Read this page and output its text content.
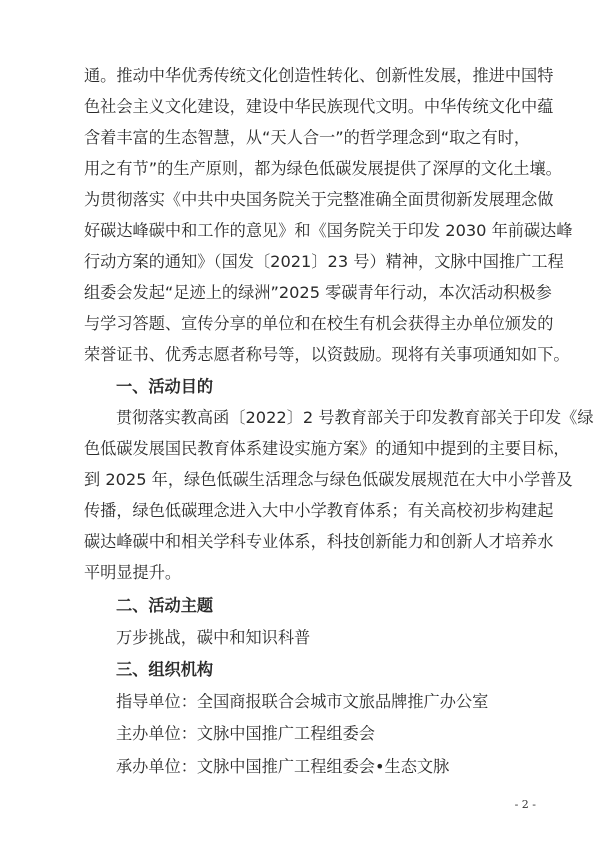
通。推动中华优秀传统文化创造性转化、创新性发展，推进中国特
色社会主义文化建设，建设中华民族现代文明。中华传统文化中蕴
含着丰富的生态智慧，从“天人合一”的哲学理念到“取之有时，
用之有节”的生产原则，都为绿色低碳发展提供了深厚的文化土壤。
为贯彻落实《中共中央国务院关于完整准确全面贯彻新发展理念做
好碳达峰碳中和工作的意见》和《国务院关于印发 2030 年前碳达峰
行动方案的通知》（国发〔2021〕23 号）精神，文脉中国推广工程
组委会发起“足迹上的绿洲”2025 零碳青年行动，本次活动积极参
与学习答题、宣传分享的单位和在校生有机会获得主办单位颁发的
荣誉证书、优秀志愿者称号等，以资鼓励。现将有关事项通知如下。
一、活动目的
贯彻落实教高函〔2022〕2 号教育部关于印发教育部关于印发《绿
色低碳发展国民教育体系建设实施方案》的通知中提到的主要目标，
到 2025 年，绿色低碳生活理念与绿色低碳发展规范在大中小学普及
传播，绿色低碳理念进入大中小学教育体系；有关高校初步构建起
碳达峰碳中和相关学科专业体系，科技创新能力和创新人才培养水
平明显提升。
二、活动主题
万步挑战，碳中和知识科普
三、组织机构
指导单位：全国商报联合会城市文旅品牌推广办公室
主办单位：文脉中国推广工程组委会
承办单位：文脉中国推广工程组委会•生态文脉
- 2 -
